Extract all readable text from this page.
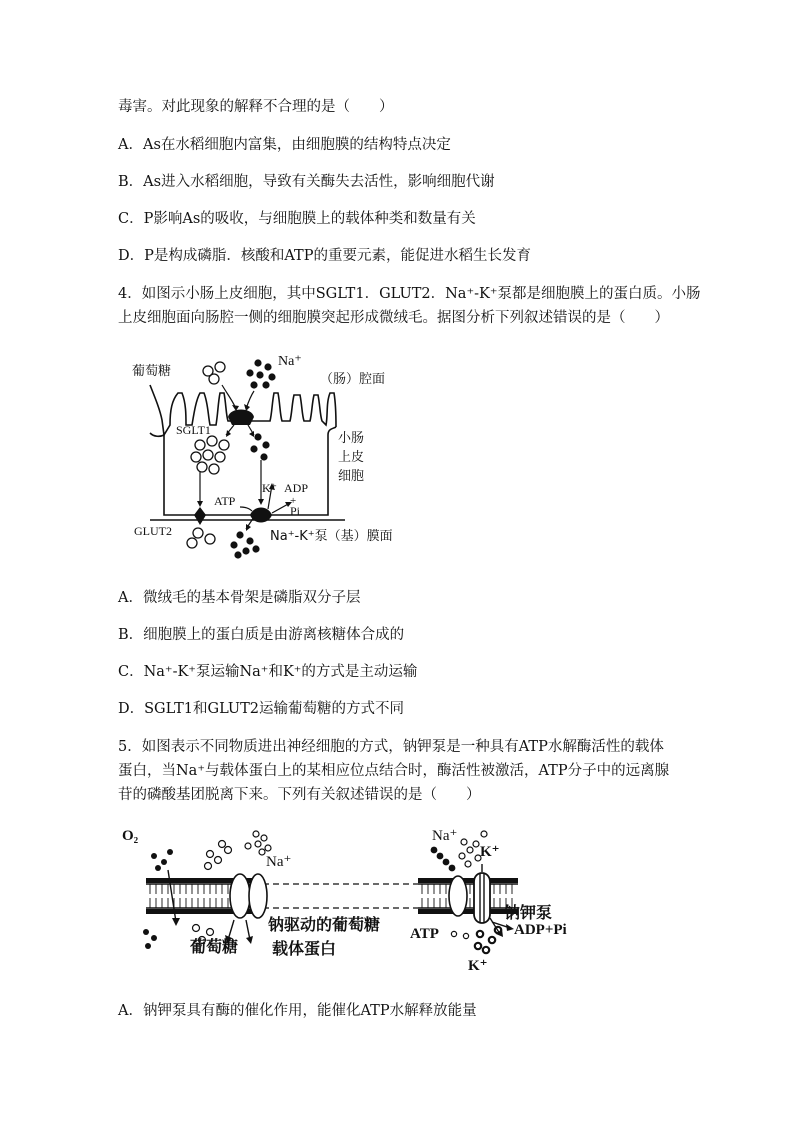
毒害。对此现象的解释不合理的是（　　）
A．As在水稻细胞内富集，由细胞膜的结构特点决定
B．As进入水稻细胞，导致有关酶失去活性，影响细胞代谢
C．P影响As的吸收，与细胞膜上的载体种类和数量有关
D．P是构成磷脂．核酸和ATP的重要元素，能促进水稻生长发育
4．如图示小肠上皮细胞，其中SGLT1．GLUT2．Na⁺-K⁺泵都是细胞膜上的蛋白质。小肠
上皮细胞面向肠腔一侧的细胞膜突起形成微绒毛。据图分析下列叙述错误的是（　　）
葡萄糖
Na⁺
（肠）腔面
SGLT1
小肠
上皮
细胞
K⁺ ADP
+
Pi
ATP
GLUT2	Na⁺-K⁺泵（基）膜面
A．微绒毛的基本骨架是磷脂双分子层
B．细胞膜上的蛋白质是由游离核糖体合成的
C．Na⁺-K⁺泵运输Na⁺和K⁺的方式是主动运输
D．SGLT1和GLUT2运输葡萄糖的方式不同
5．如图表示不同物质进出神经细胞的方式，钠钾泵是一种具有ATP水解酶活性的载体
蛋白，当Na⁺与载体蛋白上的某相应位点结合时，酶活性被激活，ATP分子中的远离腺
苷的磷酸基团脱离下来。下列有关叙述错误的是（　　）
O₂
Na⁺
葡萄糖
钠驱动的葡萄糖
载体蛋白
Na⁺
K⁺
钠钾泵
ATP	ADP+Pi
K⁺
A．钠钾泵具有酶的催化作用，能催化ATP水解释放能量
